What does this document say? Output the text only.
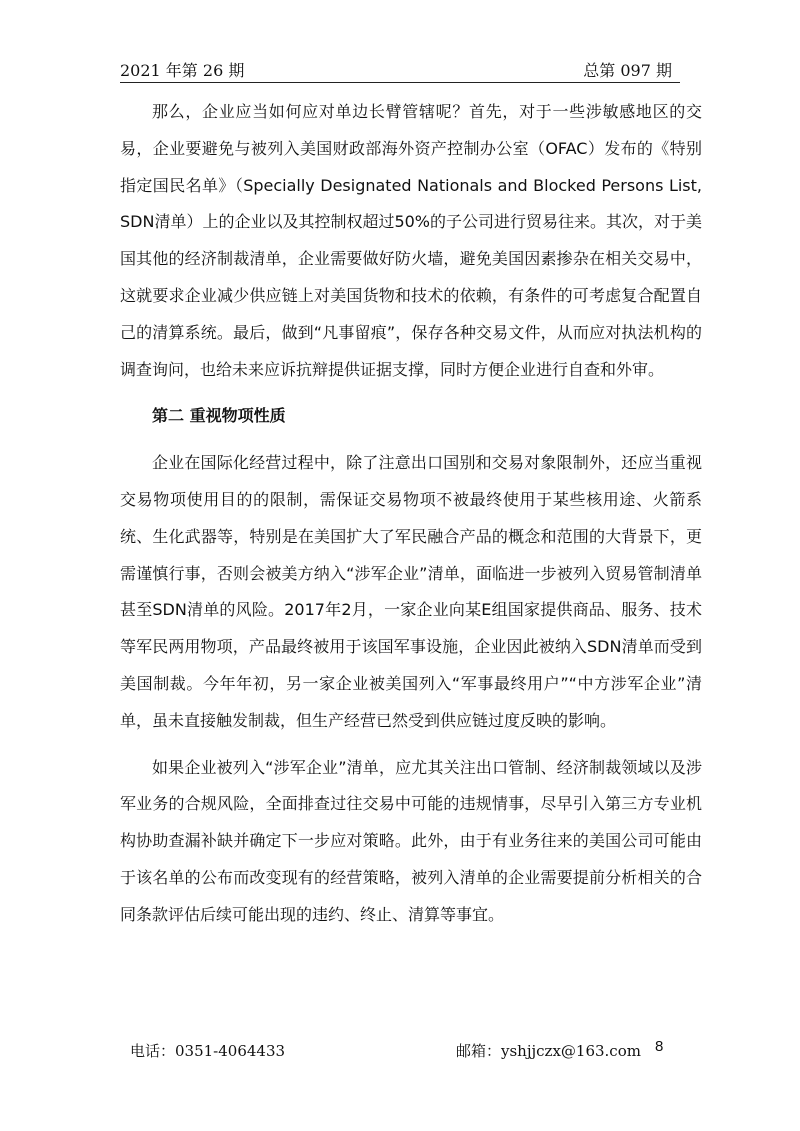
2021 年第 26 期	总第 097 期

那么，企业应当如何应对单边长臂管辖呢？首先，对于一些涉敏感地区的交易，企业要避免与被列入美国财政部海外资产控制办公室（OFAC）发布的《特别指定国民名单》（Specially Designated Nationals and Blocked Persons List, SDN清单）上的企业以及其控制权超过50%的子公司进行贸易往来。其次，对于美国其他的经济制裁清单，企业需要做好防火墙，避免美国因素掺杂在相关交易中，这就要求企业减少供应链上对美国货物和技术的依赖，有条件的可考虑复合配置自己的清算系统。最后，做到“凡事留痕”，保存各种交易文件，从而应对执法机构的调查询问，也给未来应诉抗辩提供证据支撑，同时方便企业进行自查和外审。

第二 重视物项性质

企业在国际化经营过程中，除了注意出口国别和交易对象限制外，还应当重视交易物项使用目的的限制，需保证交易物项不被最终使用于某些核用途、火箭系统、生化武器等，特别是在美国扩大了军民融合产品的概念和范围的大背景下，更需谨慎行事，否则会被美方纳入“涉军企业”清单，面临进一步被列入贸易管制清单甚至SDN清单的风险。2017年2月，一家企业向某E组国家提供商品、服务、技术等军民两用物项，产品最终被用于该国军事设施，企业因此被纳入SDN清单而受到美国制裁。今年年初，另一家企业被美国列入“军事最终用户”“中方涉军企业”清单，虽未直接触发制裁，但生产经营已然受到供应链过度反映的影响。

如果企业被列入“涉军企业”清单，应尤其关注出口管制、经济制裁领域以及涉军业务的合规风险，全面排查过往交易中可能的违规情事，尽早引入第三方专业机构协助查漏补缺并确定下一步应对策略。此外，由于有业务往来的美国公司可能由于该名单的公布而改变现有的经营策略，被列入清单的企业需要提前分析相关的合同条款评估后续可能出现的违约、终止、清算等事宜。

电话：0351-4064433	邮箱：yshjjczx@163.com 8
